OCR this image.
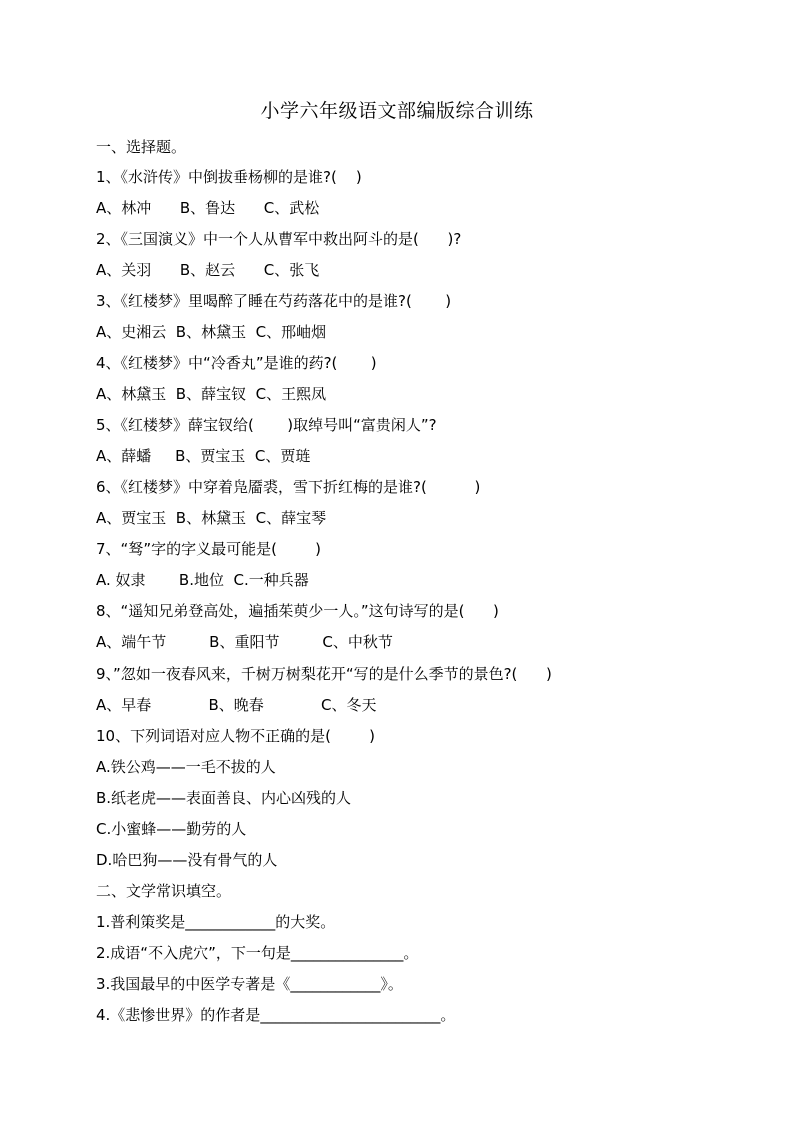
小学六年级语文部编版综合训练
一、选择题。
1、《水浒传》中倒拔垂杨柳的是谁?(    )
A、林冲      B、鲁达      C、武松
2、《三国演义》中一个人从曹军中救出阿斗的是(      )?
A、关羽      B、赵云      C、张飞
3、《红楼梦》里喝醉了睡在芍药落花中的是谁?(       )
A、史湘云  B、林黛玉  C、邢岫烟
4、《红楼梦》中“冷香丸”是谁的药?(       )
A、林黛玉  B、薛宝钗  C、王熙凤
5、《红楼梦》薛宝钗给(       )取绰号叫“富贵闲人”?
A、薛蟠     B、贾宝玉  C、贾琏
6、《红楼梦》中穿着凫靥裘，雪下折红梅的是谁?(          )
A、贾宝玉  B、林黛玉  C、薛宝琴
7、“驽”字的字义最可能是(        )
A. 奴隶       B.地位  C.一种兵器
8、“遥知兄弟登高处，遍插茱萸少一人。”这句诗写的是(      )
A、端午节         B、重阳节         C、中秋节
9、”忽如一夜春风来，千树万树梨花开“写的是什么季节的景色?(      )
A、早春            B、晚春            C、冬天
10、下列词语对应人物不正确的是(        )
A.铁公鸡——一毛不拔的人
B.纸老虎——表面善良、内心凶残的人
C.小蜜蜂——勤劳的人
D.哈巴狗——没有骨气的人
二、文学常识填空。
1.普利策奖是____________的大奖。
2.成语“不入虎穴”，下一句是_______________。
3.我国最早的中医学专著是《____________》。
4.《悲惨世界》的作者是________________________。
